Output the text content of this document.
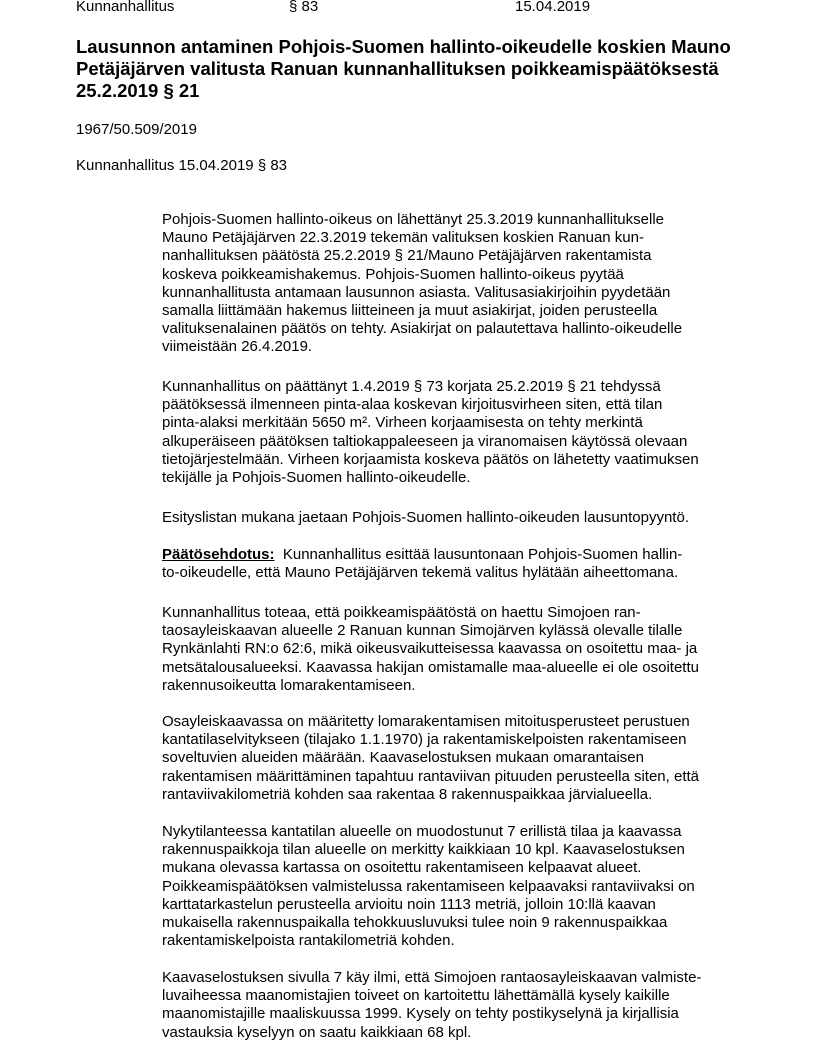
Kunnanhallitus	§ 83	15.04.2019
Lausunnon antaminen Pohjois-Suomen hallinto-oikeudelle koskien Mauno
Petäjäjärven valitusta Ranuan kunnanhallituksen poikkeamispäätöksestä
25.2.2019 § 21
1967/50.509/2019
Kunnanhallitus 15.04.2019 § 83
Pohjois-Suomen hallinto-oikeus on lähettänyt 25.3.2019 kunnanhallitukselle
Mauno Petäjäjärven 22.3.2019 tekemän valituksen koskien Ranuan kun-
nanhallituksen päätöstä 25.2.2019 § 21/Mauno Petäjäjärven rakentamista
koskeva poikkeamishakemus. Pohjois-Suomen hallinto-oikeus pyytää
kunnanhallitusta antamaan lausunnon asiasta. Valitusasiakirjoihin pyydetään
samalla liittämään hakemus liitteineen ja muut asiakirjat, joiden perusteella
valituksenalainen päätös on tehty. Asiakirjat on palautettava hallinto-oikeudelle
viimeistään 26.4.2019.
Kunnanhallitus on päättänyt 1.4.2019 § 73 korjata 25.2.2019 § 21 tehdyssä
päätöksessä ilmenneen pinta-alaa koskevan kirjoitusvirheen siten, että tilan
pinta-alaksi merkitään 5650 m². Virheen korjaamisesta on tehty merkintä
alkuperäiseen päätöksen taltiokappaleeseen ja viranomaisen käytössä olevaan
tietojärjestelmään. Virheen korjaamista koskeva päätös on lähetetty vaatimuksen
tekijälle ja Pohjois-Suomen hallinto-oikeudelle.
Esityslistan mukana jaetaan Pohjois-Suomen hallinto-oikeuden lausuntopyyntö.
Päätösehdotus:  Kunnanhallitus esittää lausuntonaan Pohjois-Suomen hallin-
to-oikeudelle, että Mauno Petäjäjärven tekemä valitus hylätään aiheettomana.
Kunnanhallitus toteaa, että poikkeamispäätöstä on haettu Simojoen ran-
taosayleiskaavan alueelle 2 Ranuan kunnan Simojärven kylässä olevalle tilalle
Rynkänlahti RN:o 62:6, mikä oikeusvaikutteisessa kaavassa on osoitettu maa- ja
metsätalousalueeksi. Kaavassa hakijan omistamalle maa-alueelle ei ole osoitettu
rakennusoikeutta lomarakentamiseen.
Osayleiskaavassa on määritetty lomarakentamisen mitoitusperusteet perustuen
kantatilaselvitykseen (tilajako 1.1.1970) ja rakentamiskelpoisten rakentamiseen
soveltuvien alueiden määrään. Kaavaselostuksen mukaan omarantaisen
rakentamisen määrittäminen tapahtuu rantaviivan pituuden perusteella siten, että
rantaviivakilometriä kohden saa rakentaa 8 rakennuspaikkaa järvialueella.
Nykytilanteessa kantatilan alueelle on muodostunut 7 erillistä tilaa ja kaavassa
rakennuspaikkoja tilan alueelle on merkitty kaikkiaan 10 kpl. Kaavaselostuksen
mukana olevassa kartassa on osoitettu rakentamiseen kelpaavat alueet.
Poikkeamispäätöksen valmistelussa rakentamiseen kelpaavaksi rantaviivaksi on
karttatarkastelun perusteella arvioitu noin 1113 metriä, jolloin 10:llä kaavan
mukaisella rakennuspaikalla tehokkuusluvuksi tulee noin 9 rakennuspaikkaa
rakentamiskelpoista rantakilometriä kohden.
Kaavaselostuksen sivulla 7 käy ilmi, että Simojoen rantaosayleiskaavan valmiste-
luvaiheessa maanomistajien toiveet on kartoitettu lähettämällä kysely kaikille
maanomistajille maaliskuussa 1999. Kysely on tehty postikyselynä ja kirjallisia
vastauksia kyselyyn on saatu kaikkiaan 68 kpl.
